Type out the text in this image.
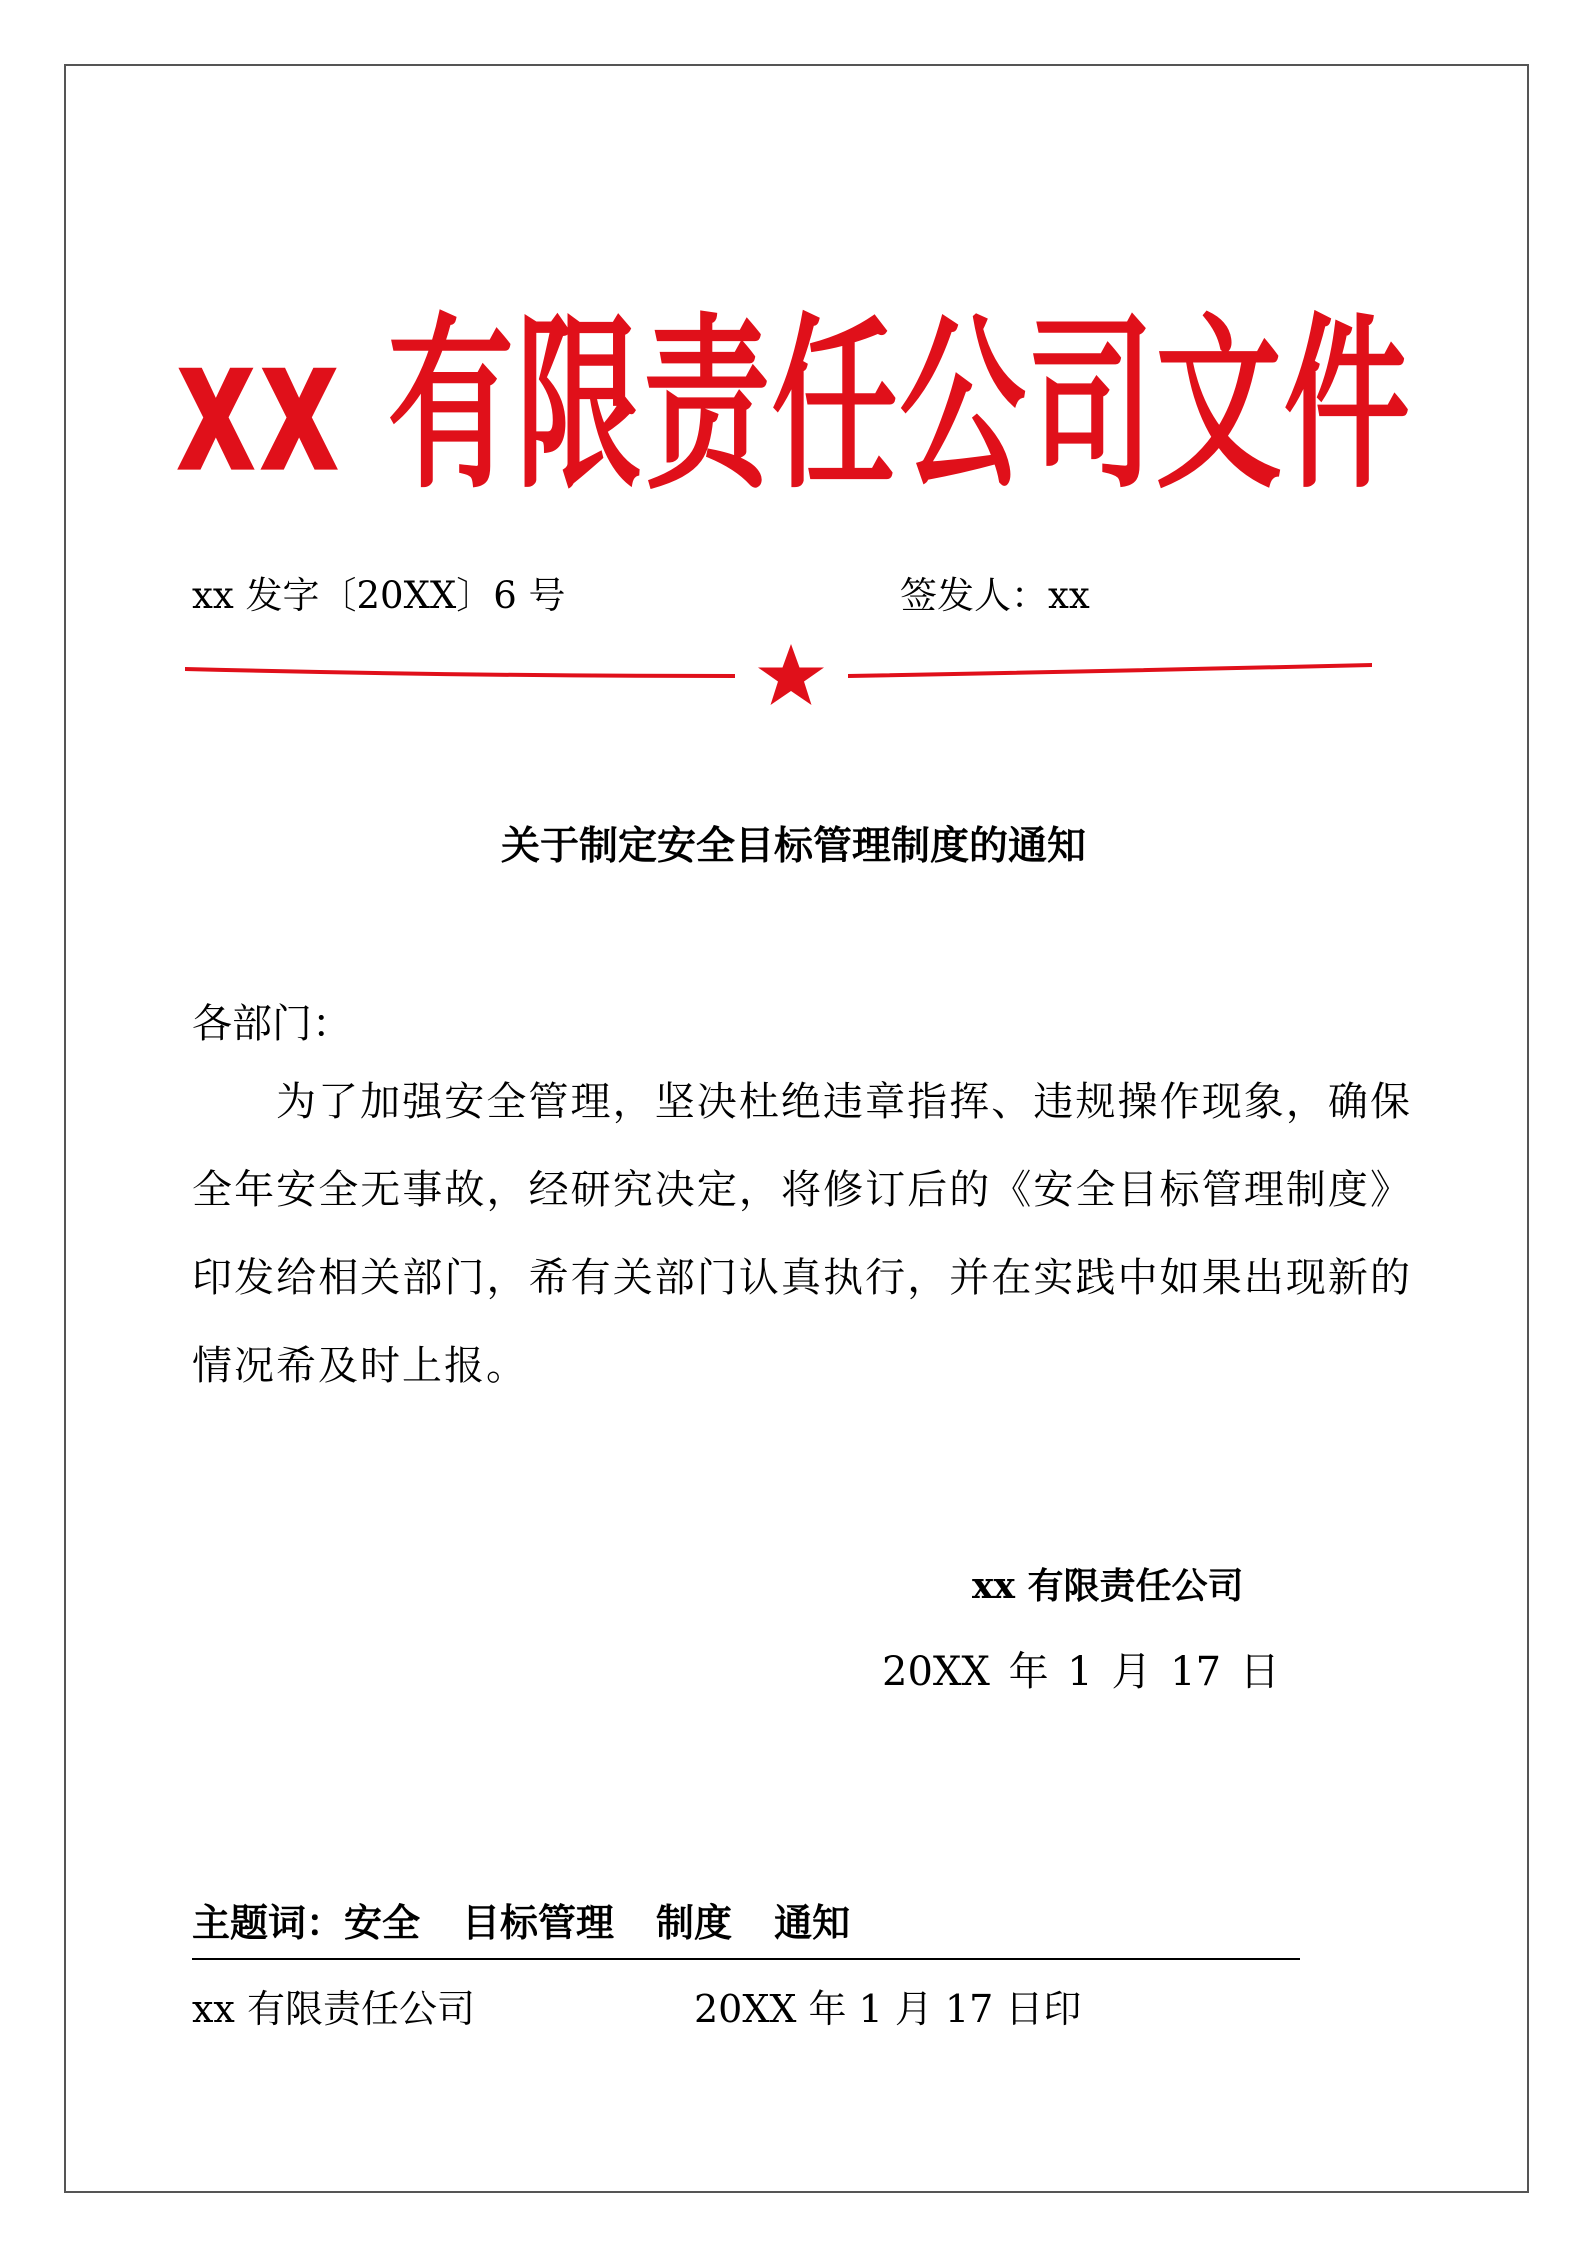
xx 有限责任公司文件
xx 发字〔20XX〕6 号	签发人：xx
关于制定安全目标管理制度的通知
各部门：
为了加强安全管理，坚决杜绝违章指挥、违规操作现象，确保全年安全无事故，经研究决定，将修订后的《安全目标管理制度》印发给相关部门，希有关部门认真执行，并在实践中如果出现新的情况希及时上报。
xx 有限责任公司
20XX 年 1 月 17 日
主题词：安全 目标管理 制度 通知
xx 有限责任公司	20XX 年 1 月 17 日印
